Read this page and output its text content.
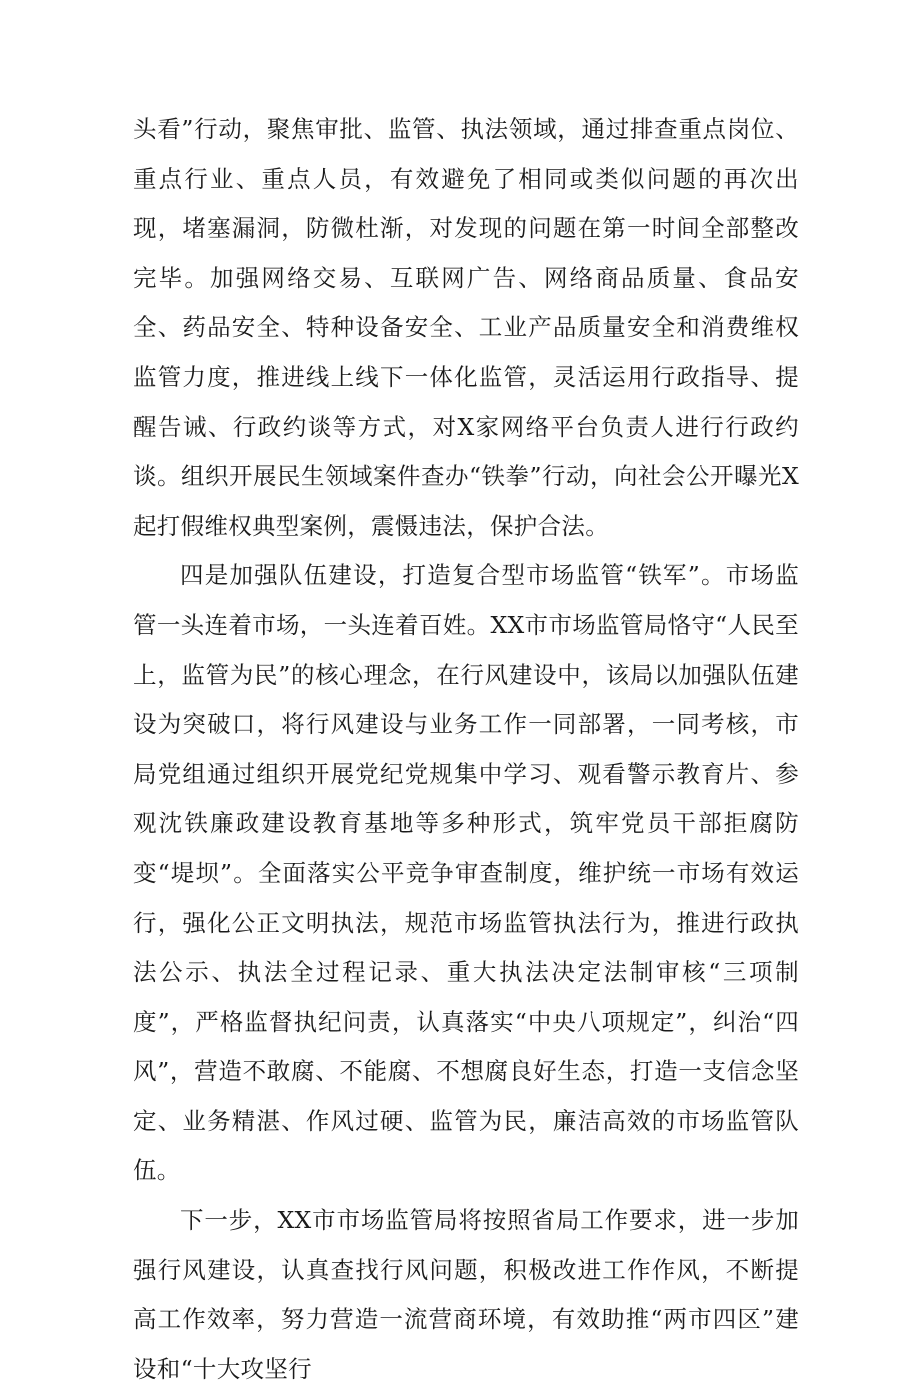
头看”行动，聚焦审批、监管、执法领域，通过排查重点岗位、重点行业、重点人员，有效避免了相同或类似问题的再次出现，堵塞漏洞，防微杜渐，对发现的问题在第一时间全部整改完毕。加强网络交易、互联网广告、网络商品质量、食品安全、药品安全、特种设备安全、工业产品质量安全和消费维权监管力度，推进线上线下一体化监管，灵活运用行政指导、提醒告诫、行政约谈等方式，对X家网络平台负责人进行行政约谈。组织开展民生领域案件查办“铁拳”行动，向社会公开曝光X起打假维权典型案例，震慑违法，保护合法。

四是加强队伍建设，打造复合型市场监管“铁军”。市场监管一头连着市场，一头连着百姓。XX市市场监管局恪守“人民至上，监管为民”的核心理念，在行风建设中，该局以加强队伍建设为突破口，将行风建设与业务工作一同部署，一同考核，市局党组通过组织开展党纪党规集中学习、观看警示教育片、参观沈铁廉政建设教育基地等多种形式，筑牢党员干部拒腐防变“堤坝”。全面落实公平竞争审查制度，维护统一市场有效运行，强化公正文明执法，规范市场监管执法行为，推进行政执法公示、执法全过程记录、重大执法决定法制审核“三项制度”，严格监督执纪问责，认真落实“中央八项规定”，纠治“四风”，营造不敢腐、不能腐、不想腐良好生态，打造一支信念坚定、业务精湛、作风过硬、监管为民，廉洁高效的市场监管队伍。

下一步，XX市市场监管局将按照省局工作要求，进一步加强行风建设，认真查找行风问题，积极改进工作作风，不断提高工作效率，努力营造一流营商环境，有效助推“两市四区”建设和“十大攻坚行
